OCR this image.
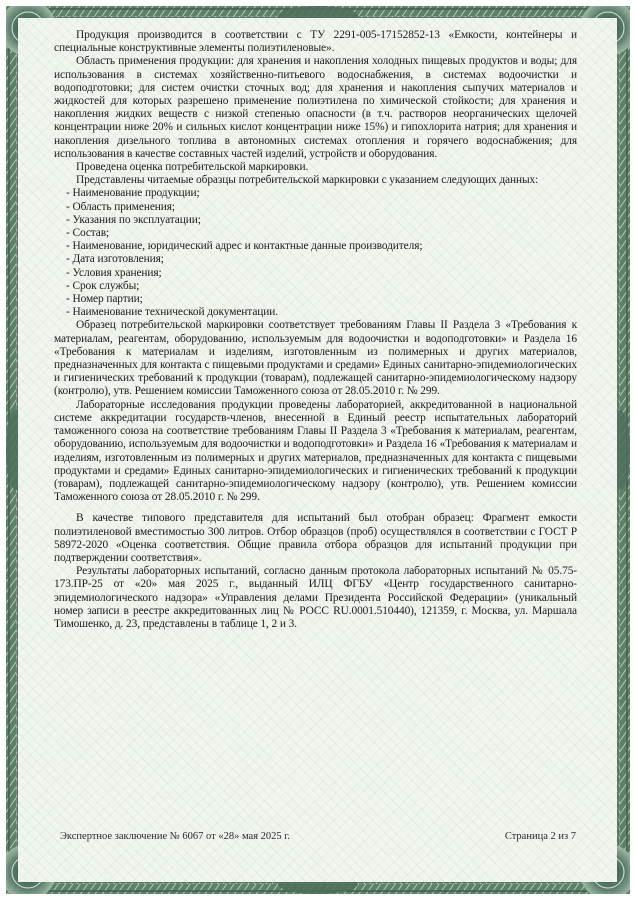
Продукция производится в соответствии с ТУ 2291-005-17152852-13 «Емкости, контейнеры и специальные конструктивные элементы полиэтиленовые».

Область применения продукции: для хранения и накопления холодных пищевых продуктов и воды; для использования в системах хозяйственно-питьевого водоснабжения, в системах водоочистки и водоподготовки; для систем очистки сточных вод; для хранения и накопления сыпучих материалов и жидкостей для которых разрешено применение полиэтилена по химической стойкости; для хранения и накопления жидких веществ с низкой степенью опасности (в т.ч. растворов неорганических щелочей концентрации ниже 20% и сильных кислот концентрации ниже 15%) и гипохлорита натрия; для хранения и накопления дизельного топлива в автономных системах отопления и горячего водоснабжения; для использования в качестве составных частей изделий, устройств и оборудования.

Проведена оценка потребительской маркировки.

Представлены читаемые образцы потребительской маркировки с указанием следующих данных:

- Наименование продукции;
- Область применения;
- Указания по эксплуатации;
- Состав;
- Наименование, юридический адрес и контактные данные производителя;
- Дата изготовления;
- Условия хранения;
- Срок службы;
- Номер партии;
- Наименование технической документации.

Образец потребительской маркировки соответствует требованиям Главы II Раздела 3 «Требования к материалам, реагентам, оборудованию, используемым для водоочистки и водоподготовки» и Раздела 16 «Требования к материалам и изделиям, изготовленным из полимерных и других материалов, предназначенных для контакта с пищевыми продуктами и средами» Единых санитарно-эпидемиологических и гигиенических требований к продукции (товарам), подлежащей санитарно-эпидемиологическому надзору (контролю), утв. Решением комиссии Таможенного союза от 28.05.2010 г. № 299.

Лабораторные исследования продукции проведены лабораторией, аккредитованной в национальной системе аккредитации государств-членов, внесенной в Единый реестр испытательных лабораторий таможенного союза на соответствие требованиям Главы II Раздела 3 «Требования к материалам, реагентам, оборудованию, используемым для водоочистки и водоподготовки» и Раздела 16 «Требования к материалам и изделиям, изготовленным из полимерных и других материалов, предназначенных для контакта с пищевыми продуктами и средами» Единых санитарно-эпидемиологических и гигиенических требований к продукции (товарам), подлежащей санитарно-эпидемиологическому надзору (контролю), утв. Решением комиссии Таможенного союза от 28.05.2010 г. № 299.

В качестве типового представителя для испытаний был отобран образец: Фрагмент емкости полиэтиленовой вместимостью 300 литров. Отбор образцов (проб) осуществлялся в соответствии с ГОСТ Р 58972-2020 «Оценка соответствия. Общие правила отбора образцов для испытаний продукции при подтверждении соответствия».

Результаты лабораторных испытаний, согласно данным протокола лабораторных испытаний № 05.75-173.ПР-25 от «20» мая 2025 г., выданный ИЛЦ ФГБУ «Центр государственного санитарно-эпидемиологического надзора» «Управления делами Президента Российской Федерации» (уникальный номер записи в реестре аккредитованных лиц № РОСС RU.0001.510440), 121359, г. Москва, ул. Маршала Тимошенко, д. 23, представлены в таблице 1, 2 и 3.

Экспертное заключение № 6067 от «28» мая 2025 г.	Страница 2 из 7
